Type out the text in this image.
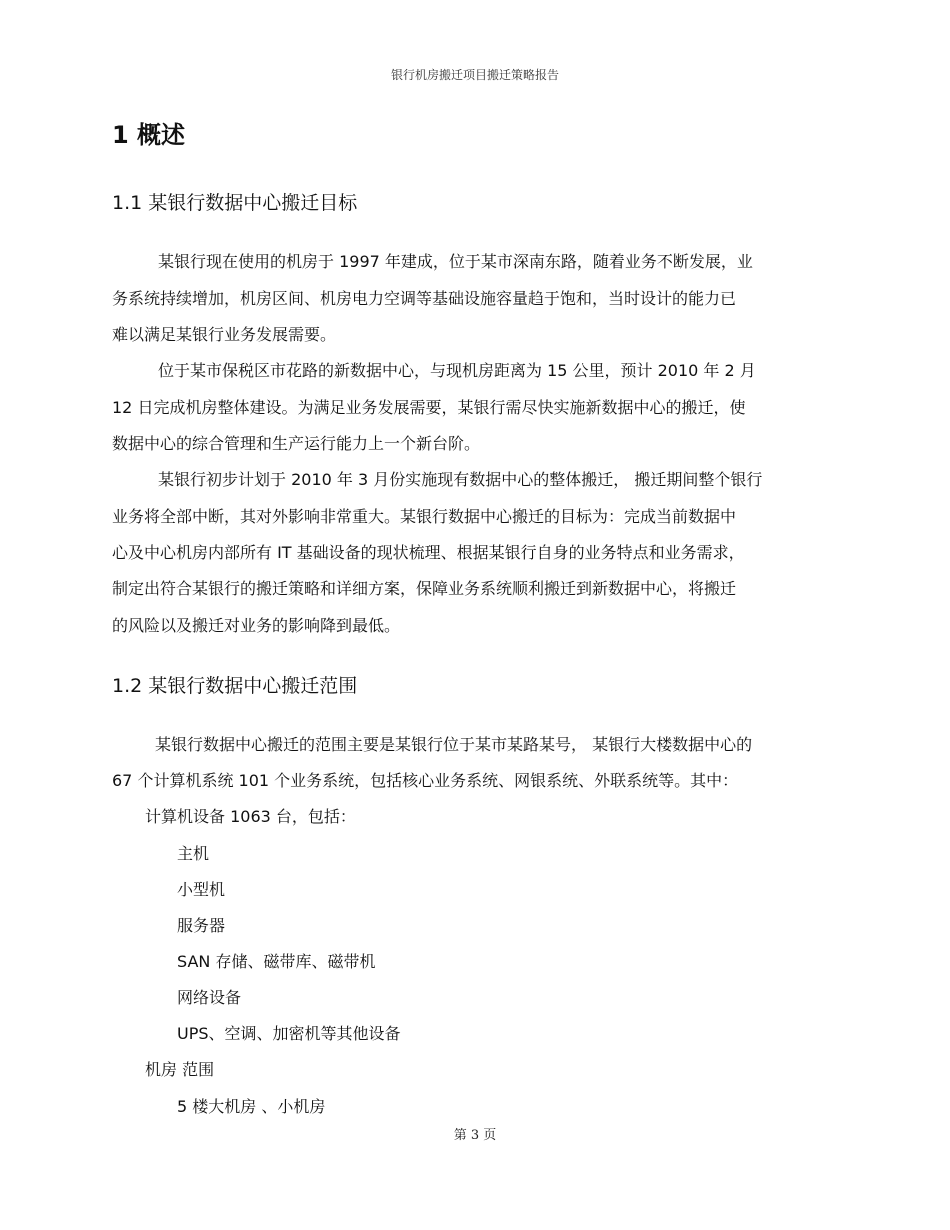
银行机房搬迁项目搬迁策略报告
1 概述
1.1 某银行数据中心搬迁目标
某银行现在使用的机房于 1997 年建成，位于某市深南东路，随着业务不断发展，业
务系统持续增加，机房区间、机房电力空调等基础设施容量趋于饱和，当时设计的能力已
难以满足某银行业务发展需要。
位于某市保税区市花路的新数据中心，与现机房距离为 15 公里，预计 2010 年 2 月
12 日完成机房整体建设。为满足业务发展需要，某银行需尽快实施新数据中心的搬迁，使
数据中心的综合管理和生产运行能力上一个新台阶。
某银行初步计划于 2010 年 3 月份实施现有数据中心的整体搬迁， 搬迁期间整个银行
业务将全部中断，其对外影响非常重大。某银行数据中心搬迁的目标为：完成当前数据中
心及中心机房内部所有 IT 基础设备的现状梳理、根据某银行自身的业务特点和业务需求，
制定出符合某银行的搬迁策略和详细方案，保障业务系统顺利搬迁到新数据中心，将搬迁
的风险以及搬迁对业务的影响降到最低。
1.2 某银行数据中心搬迁范围
某银行数据中心搬迁的范围主要是某银行位于某市某路某号， 某银行大楼数据中心的
67 个计算机系统 101 个业务系统，包括核心业务系统、网银系统、外联系统等。其中：
计算机设备 1063 台，包括：
主机
小型机
服务器
SAN 存储、磁带库、磁带机
网络设备
UPS、空调、加密机等其他设备
机房 范围
5 楼大机房 、小机房
第 3 页
